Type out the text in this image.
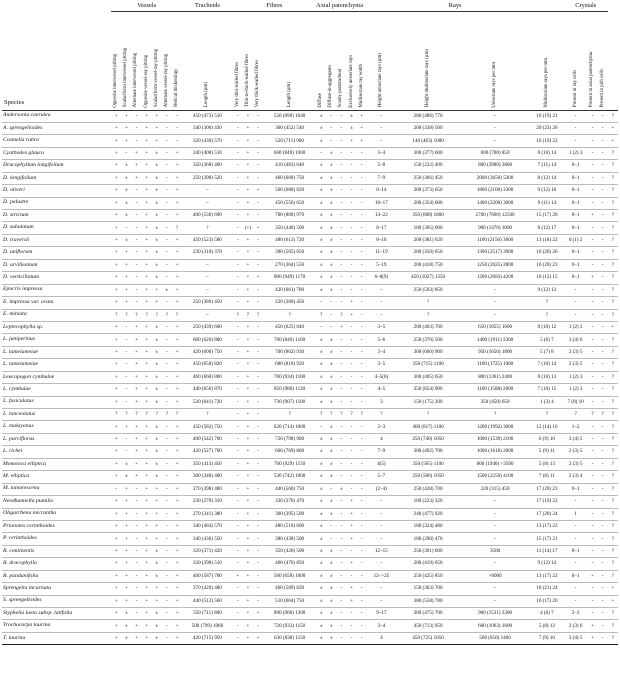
	Vessels							Tracheids	Fibres				Axial parenchyma			Rays						Crystals			
Species	Opposite intervessel pitting	Scalariform intervessel pitting	Alternate intervessel pitting	Opposite vessel-ray pitting	Scalariform vessel-ray pitting	Alternate vessel-ray pitting	Helical thickenings	Length (µm)	Very thin-walled fibres	Thin-to-thick-walled fibres	Very thick-walled fibres	Length (µm)	Diffuse	Diffuse-in-aggregates	Scanty paratracheal	Exclusively uniseriate rays	Multiseriate ray width	Height uniseriate rays (µm)	Height multiseriate rays (µm)	Uniseriate rays per mm	Multiseriate rays per mm	Present in ray cells	Present in axial parenchyma	Present in pith cells	

Andersonia caerulea	+	+	-	+	+	-	-	450 (473) 510	-	+	-	550 (698) 1040	±	-	-	±	+	-	280 (486) 770	-	16 (19) 21	-	-	-	?
A. sprengelioides	+	+	-	+	+	-	-	340 (306) 430	-	+	-	360 (452) 540	±	-	-	±	+	-	200 (338) 500	-	20 (23) 26	-	-	-	+
Cosmelia rubra	+	+	-	+	+	-	-	320 (430) 570	-	+	-	520 (711) 900	±	-	-	+	+	-	140 (463) 1000	-	16 (19) 22	-	-	-	+
Cyathodes glauca	+	-	+	+	±	-	+	340 (408) 510	-	+	-	660 (840) 1000	-	±	-	-	-	3–4	300 (377) 600	600 (700) 850	8 (10) 14	1 (2) 3	-	-	?
Dracophyllum longifolium	+	±	+	+	±	-	+	350 (368) 400	-	+	-	410 (483) 640	±	±	-	-	-	5–8	150 (232) 400	800 (3900) 3800	7 (11) 14	0–1	-	-	?
D. longifolium	+	±	+	+	±	-	+	250 (398) 520	-	+	-	460 (668) 750	±	±	-	-	-	7–9	250 (366) 450	2000 (3650) 5300	8 (12) 14	0–1	-	-	?
D. oliveri	+	±	-	+	±	-	+	–	-	+	+	560 (688) 820	±	±	-	-	-	8–14	200 (373) 650	1800 (2100) 2300	9 (12) 16	0–1	-	-	?
D. palustre	+	±	-	+	±	-	+	–	-	+	-	450 (556) 650	±	±	-	-	-	10–17	200 (354) 600	1400 (2200) 3000	9 (11) 14	0–1	-	-	?
D. strictum	+	±	-	+	±	-	+	400 (530) 690	-	+	-	700 (800) 970	±	±	-	-	-	14–22	350 (688) 1800	2700 (7600) 12500	15 (17) 20	0–1	+	-	?
D. subulatum	+	-	-	+	±	-	?	?	-	(+)	+	350 (440) 500	±	±	-	-	-	8–17	100 (305) 600	900 (1470) 3000	8 (12) 17	0–1	-	-	?
D. traversii	+	±	-	+	±	-	+	450 (523) 580	-	+	-	480 (613) 720	±	±	-	-	-	8–10	200 (381) 620	1100 (2156) 3600	13 (18) 22	0 (1) 2	-	-	?
D. uniflorum	+	+	-	+	±	-	+	230 (310) 370	-	+	-	390 (505) 650	±	±	-	-	-	11–19	200 (350) 650	1300 (2517) 3900	16 (20) 26	0–1	-	-	?
D. urvilleanum	+	+	-	+	±	-	+	–	-	+	-	270 (364) 550	±	±	-	-	-	5–19	200 (418) 750	1250 (2025) 2800	16 (20) 23	0–1	-	-	?
D. verticillatum	+	+	-	+	±	-	+	–	-	+	+	800 (949) 1170	±	±	-	-	-	6–8(9)	450 (1027) 1350	1200 (2683) 4200	10 (12) 15	0–1	+	-	?
Epacris impressa	+	+	-	+	+	±	+	–	-	+	-	420 (661) 780	±	±	-	-	-	–	250 (593) 850	-	9 (12) 13	-	-	-	?
E. impressa var. ovata	+	+	-	+	+	-	+	250 (380) 450	-	+	-	220 (380) 450	-	-	-	+	-	-	?	-	?	-	-	-	?
E. miniata	?	?	?	?	?	?	?	–	?	?	?	?	?	-	?	+	-	-	?	-	?	-	-	-	?
Leptecophylla sp.	+	-	+	+	±	-	+	250 (439) 600	-	+	-	450 (625) 840	-	-	+	-	-	3–5	200 (403) 700	650 (1055) 1600	8 (10) 12	1 (2) 3	-	-	+
L. juniperinus	+	-	+	+	±	-	+	600 (620) 800	-	+	-	700 (846) 1160	±	±	-	-	-	5–6	250 (370) 500	1400 (1911) 3300	5 (6) 7	3 (4) 6	-	-	?
L. tameiameiae	+	-	+	+	±	-	+	420 (600) 750	-	+	-	700 (802) 930	±	±	-	-	-	3–4	300 (600) 900	950 (1650) 1800	5 (7) 8	2 (3) 5	-	-	?
L. tameiameiae	+	-	+	+	±	-	+	450 (650) 820	-	+	-	680 (818) 920	±	±	-	-	-	3–5	350 (715) 1100	1100 (1725) 1900	7 (10) 14	2 (3) 5	-	-	?
Leucopogon cymbulae	+	-	+	+	±	-	+	460 (660) 800	-	+	-	700 (934) 1100	±	±	-	-	-	4–5(6)	300 (405) 650	800 (1361) 2400	8 (10) 13	1 (2) 3	-	-	?
L. cymbulae	+	-	+	+	±	-	+	440 (650) 870	-	+	-	850 (980) 1120	±	±	-	-	-	4–5	350 (654) 900	1100 (1588) 2000	7 (10) 15	1 (2) 3	-	-	?
L. fasiculatus	+	-	+	+	±	-	+	520 (641) 720	-	+	-	730 (907) 1100	±	±	-	-	-	3	150 (175) 200	350 (450) 650	1 (3) 4	7 (8) 10	-	-	?
L. lanceolatus	?	?	?	?	?	?	?	?	-	+	-	?	?	?	?	?	?	?	?	?	?	?	?	?	?
L. malayanus	+	+	+	+	±	-	+	450 (582) 750	-	+	-	620 (714) 1000	-	±	-	-	-	2–3	400 (817) 1100	1200 (1992) 3000	12 (14) 16	1–2	-	-	?
L. parviflorus	+	-	+	+	±	-	+	400 (542) 700	-	+	-	720 (798) 900	±	±	-	-	-	4	250 (740) 1050	1000 (1539) 2100	6 (9) 10	3 (4) 5	-	-	?
L. richei	+	-	+	+	±	-	+	420 (527) 700	-	+	-	600 (769) 860	±	±	-	-	-	7–9	300 (492) 700	1000 (1618) 2000	5 (9) 11	2 (3) 5	-	-	?
Monotoca elliptica	+	±	+	+	±	-	+	350 (413) 450	-	+	-	700 (929) 1150	±	±	-	-	-	4(5)	350 (565) 1100	800 (1940) >3500	5 (8) 13	2 (3) 5	-	-	?
M. elliptica	+	±	+	+	±	-	+	300 (348) 400	-	+	-	530 (742) 1000	±	±	-	-	-	5–7	250 (586) 1050	1500 (2250) 4100	7 (8) 11	2 (3) 4	-	-	?
M. tamarescena	-	+	-	+	+	-	+	270 (398) 480	-	+	-	440 (560) 750	±	-	±	-	-	(2–4)	250 (428) 700	220 (315) 450	17 (20) 23	0–1	-	-	?
Needhamiella pumilio	+	+	-	+	+	-	+	230 (270) 310	-	+	-	330 (376) 470	±	±	-	+	-	-	100 (223) 320	-	17 (19) 22	-	-	-	?
Oligarrhena micrantha	+	+	-	+	+	-	+	270 (341) 380	-	+	-	300 (395) 500	±	±	-	+	-	-	240 (477) 920	-	17 (20) 24	1	-	-	?
Prionotes cerinthoides	+	+	-	+	+	-	+	340 (484) 570	-	+	-	480 (516) 600	±	-	-	+	-	-	180 (324) 480	-	13 (17) 22	-	-	-	?
P. cerinthoides	+	+	-	+	+	-	+	340 (436) 550	-	+	-	380 (438) 500	±	-	-	+	-	-	180 (290) 470	-	15 (17) 21	-	-	-	?
R. continentis	+	+	-	+	±	-	+	320 (371) 420	-	+	-	350 (426) 500	±	±	-	-	-	12–15	250 (391) 600	3500	11 (14) 17	0–1	-	-	?
R. dracophylla	+	+	-	+	±	-	+	330 (398) 510	-	+	-	400 (476) 850	±	±	-	+	-	-	200 (419) 650	-	9 (12) 14	-	-	-	?
R. pandanifolia	+	+	-	+	±	-	+	400 (587) 700	+	+	-	500 (658) 1000	±	±	-	-	-	12–>25	250 (425) 850	>6000	13 (17) 22	0–1	+	-	?
Sprengelia incarnata	+	+	-	+	+	-	+	370 (420) 480	-	+	-	460 (589) 820	±	±	-	+	-	-	150 (363) 700	-	18 (21) 24	-	-	-	+
S. sprengelioides	+	+	-	+	+	-	+	440 (512) 560	-	+	-	510 (664) 750	±	±	-	+	-	-	380 (558) 780	-	16 (17) 20	-	-	-	+
Styphelia laeta subsp. latifolia	+	±	-	+	±	-	+	550 (711) 800	-	+	+	800 (968) 1300	±	±	-	-	-	9–17	300 (475) 700	900 (1531) 3300	4 (6) 7	2–3	-	-	?
Trochocarpa laurina	+	±	+	+	±	-	+	500 (799) 1060	-	+	-	720 (933) 1150	±	±	-	-	-	3–4	450 (713) 950	600 (1063) 1600	5 (8) 12	2 (3) 6	+	-	?
T. laurina	+	±	+	+	±	-	+	420 (715) 950	-	+	+	630 (838) 1150	±	±	-	-	-	4	450 (725) 1050	500 (850) 1400	7 (9) 10	3 (4) 5	+	-	?
